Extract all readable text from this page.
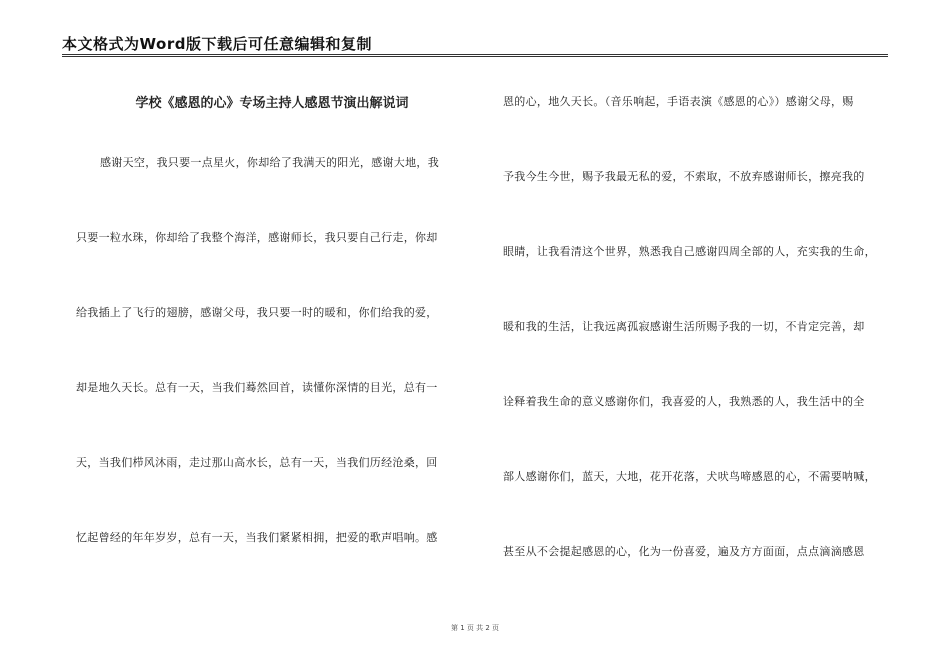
本文格式为Word版下载后可任意编辑和复制
学校《感恩的心》专场主持人感恩节演出解说词
感谢天空，我只要一点星火，你却给了我满天的阳光，感谢大地，我
只要一粒水珠，你却给了我整个海洋，感谢师长，我只要自己行走，你却
给我插上了飞行的翅膀，感谢父母，我只要一时的暖和，你们给我的爱，
却是地久天长。总有一天，当我们蓦然回首，读懂你深情的目光，总有一
天，当我们栉风沐雨，走过那山高水长，总有一天，当我们历经沧桑，回
忆起曾经的年年岁岁，总有一天，当我们紧紧相拥，把爱的歌声唱响。感
恩的心，地久天长。（音乐响起，手语表演《感恩的心》）感谢父母，赐
予我今生今世，赐予我最无私的爱，不索取，不放弃感谢师长，擦亮我的
眼睛，让我看清这个世界，熟悉我自己感谢四周全部的人，充实我的生命，
暖和我的生活，让我远离孤寂感谢生活所赐予我的一切，不肯定完善，却
诠释着我生命的意义感谢你们，我喜爱的人，我熟悉的人，我生活中的全
部人感谢你们，蓝天，大地，花开花落，犬吠鸟啼感恩的心，不需要呐喊，
甚至从不会提起感恩的心，化为一份喜爱，遍及方方面面，点点滴滴感恩
第 1 页 共 2 页
